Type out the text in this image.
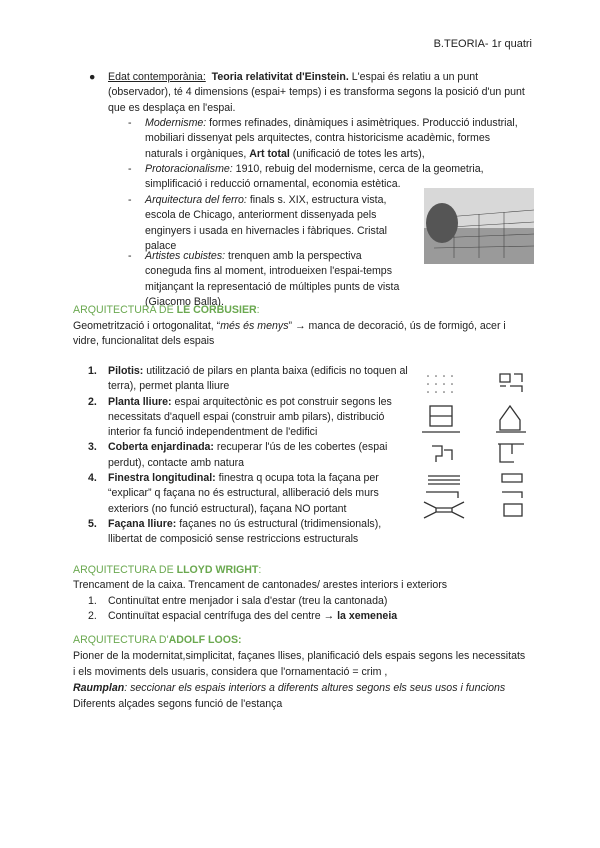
B.TEORIA- 1r quatri
● Edat contemporània: Teoria relativitat d'Einstein. L'espai és relatiu a un punt (observador), té 4 dimensions (espai+ temps) i es transforma segons la posició d'un punt que es desplaça en l'espai.
- Modernisme: formes refinades, dinàmiques i asimètriques. Producció industrial, mobiliari dissenyat pels arquitectes, contra historicisme acadèmic, formes naturals i orgàniques, Art total (unificació de totes les arts),
- Protoracionalisme: 1910, rebuig del modernisme, cerca de la geometria, simplificació i reducció ornamental, economia estètica.
- Arquitectura del ferro: finals s. XIX, estructura vista, escola de Chicago, anteriorment dissenyada pels enginyers i usada en hivernacles i fàbriques. Cristal palace
- Artistes cubistes: trenquen amb la perspectiva coneguda fins al moment, introdueixen l'espai-temps mitjançant la representació de múltiples punts de vista (Giacomo Balla).
ARQUITECTURA DE LE CORBUSIER:
Geometrització i ortogonalitat, “més és menys” → manca de decoració, ús de formigó, acer i vidre, funcionalitat dels espais
1. Pilotis: utilització de pilars en planta baixa (edificis no toquen al terra), permet planta lliure
2. Planta lliure: espai arquitectònic es pot construir segons les necessitats d'aquell espai (construir amb pilars), distribució interior fa funció independentment de l'edifici
3. Coberta enjardinada: recuperar l'ús de les cobertes (espai perdut), contacte amb natura
4. Finestra longitudinal: finestra q ocupa tota la façana per “explicar” q façana no és estructural, alliberació dels murs exteriors (no funció estructural), façana NO portant
5. Façana lliure: façanes no ús estructural (tridimensionals), llibertat de composició sense restriccions estructurals
ARQUITECTURA DE LLOYD WRIGHT:
Trencament de la caixa. Trencament de cantonades/ arestes interiors i exteriors
1. Continuïtat entre menjador i sala d'estar (treu la cantonada)
2. Continuïtat espacial centrífuga des del centre → la xemeneia
ARQUITECTURA D'ADOLF LOOS:
Pioner de la modernitat,simplicitat, façanes llises, planificació dels espais segons les necessitats i els moviments dels usuaris, considera que l'ornamentació = crim ,
Raumplan: seccionar els espais interiors a diferents altures segons els seus usos i funcions
Diferents alçades segons funció de l'estança
